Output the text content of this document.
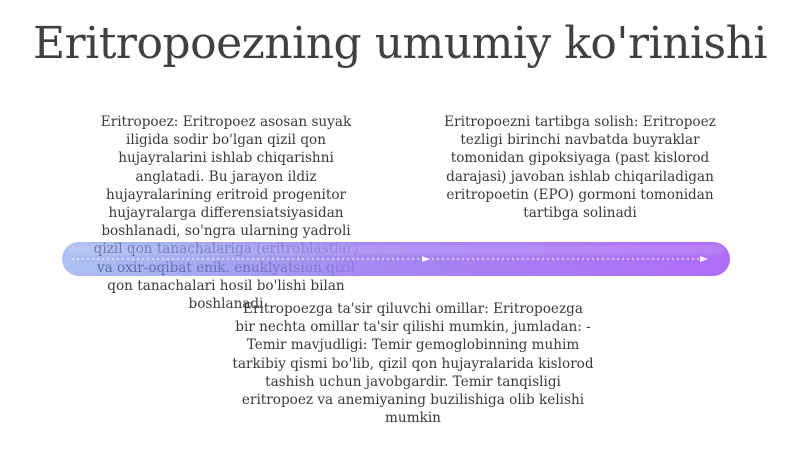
Eritropoezning umumiy ko'rinishi
Eritropoez: Eritropoez asosan suyak iligida sodir bo'lgan qizil qon hujayralarini ishlab chiqarishni anglatadi. Bu jarayon ildiz hujayralarining eritroid progenitor hujayralarga differensiatsiyasidan boshlanadi, so'ngra ularning yadroli qon tanachalari hosil bo'lishi bilan boshlanadi
Eritropoezni tartibga solish: Eritropoez tezligi birinchi navbatda buyraklar tomonidan gipoksiyaga (past kislorod darajasi) javoban ishlab chiqariladigan eritropoetin (EPO) gormoni tomonidan tartibga solinadi
Eritropoezga ta'sir qiluvchi omillar: Eritropoezga bir nechta omillar ta'sir qilishi mumkin, jumladan: - Temir mavjudligi: Temir gemoglobinning muhim tarkibiy qismi bo'lib, qizil qon hujayralarida kislorod tashish uchun javobgardir. Temir tanqisligi eritropoez va anemiyaning buzilishiga olib kelishi mumkin
